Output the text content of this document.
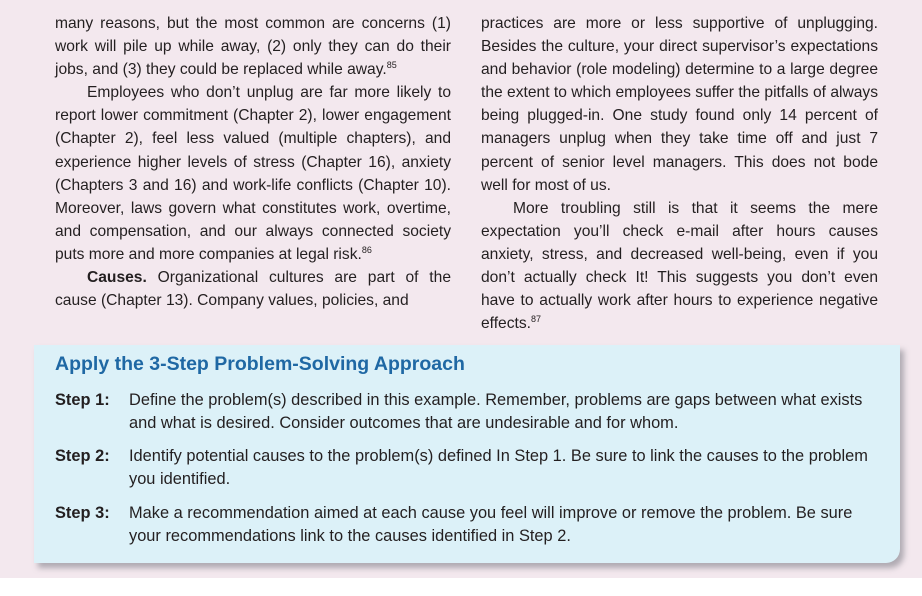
many reasons, but the most common are concerns (1) work will pile up while away, (2) only they can do their jobs, and (3) they could be replaced while away.$^{85}$

Employees who don’t unplug are far more likely to report lower commitment (Chapter 2), lower engagement (Chapter 2), feel less valued (multiple chapters), and experience higher levels of stress (Chapter 16), anxiety (Chapters 3 and 16) and work-life conflicts (Chapter 10). Moreover, laws govern what constitutes work, overtime, and compensation, and our always connected society puts more and more companies at legal risk.$^{86}$

Causes. Organizational cultures are part of the cause (Chapter 13). Company values, policies, and

practices are more or less supportive of unplugging. Besides the culture, your direct supervisor’s expectations and behavior (role modeling) determine to a large degree the extent to which employees suffer the pitfalls of always being plugged-in. One study found only 14 percent of managers unplug when they take time off and just 7 percent of senior level managers. This does not bode well for most of us.

More troubling still is that it seems the mere expectation you’ll check e-mail after hours causes anxiety, stress, and decreased well-being, even if you don’t actually check It! This suggests you don’t even have to actually work after hours to experience negative effects.$^{87}$

Apply the 3-Step Problem-Solving Approach
Step 1: Define the problem(s) described in this example. Remember, problems are gaps between what exists and what is desired. Consider outcomes that are undesirable and for whom.
Step 2: Identify potential causes to the problem(s) defined In Step 1. Be sure to link the causes to the problem you identified.
Step 3: Make a recommendation aimed at each cause you feel will improve or remove the problem. Be sure your recommendations link to the causes identified in Step 2.
